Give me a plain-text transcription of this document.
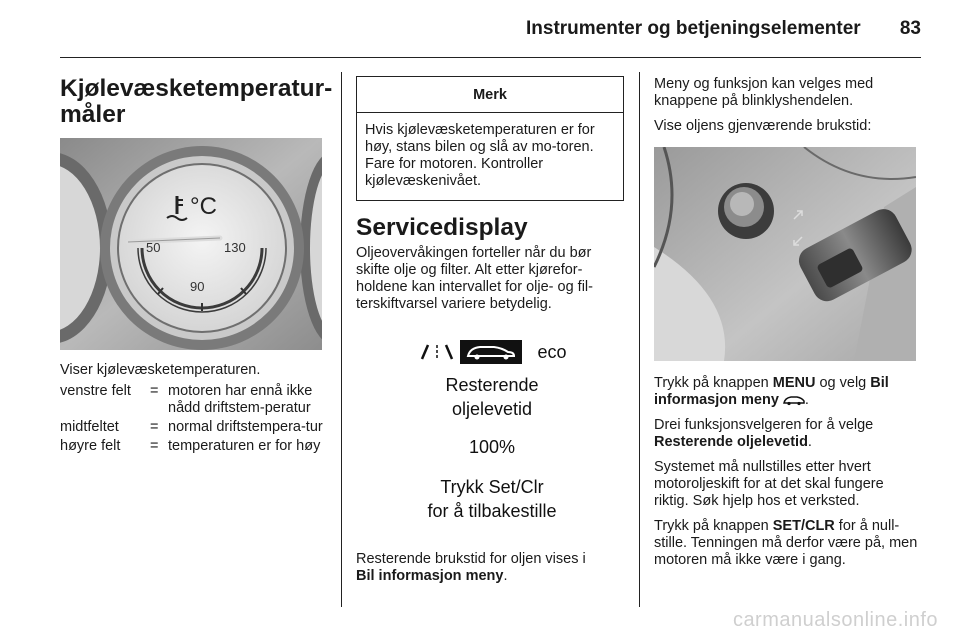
Instrumenter og betjeningselementer 83
Kjølevæsketemperatur-
måler
°C
50
90
130

Viser kjølevæsketemperaturen.

venstre felt	= motoren har ennå ikke nådd driftstem-peratur
midtfeltet	= normal driftstempera-tur
høyre felt	= temperaturen er for høy
Merk
Hvis kjølevæsketemperaturen er for høy, stans bilen og slå av mo-toren. Fare for motoren. Kontroller kjølevæskenivået.
Servicedisplay

Oljeovervåkingen forteller når du bør skifte olje og filter. Alt etter kjørefor-holdene kan intervallet for olje- og fil-terskiftvarsel variere betydelig.

eco
Resterende
oljelevetid
100%
Trykk Set/Clr
for å tilbakestille

Resterende brukstid for oljen vises i
Bil informasjon meny.

Meny og funksjon kan velges med knappene på blinklyshendelen.

Vise oljens gjenværende brukstid:

Trykk på knappen MENU og velg Bil informasjon meny .

Drei funksjonsvelgeren for å velge Resterende oljelevetid.

Systemet må nullstilles etter hvert motoroljeskift for at det skal fungere riktig. Søk hjelp hos et verksted.

Trykk på knappen SET/CLR for å null-stille. Tenningen må derfor være på, men motoren må ikke være i gang.

carmanualsonline.info
